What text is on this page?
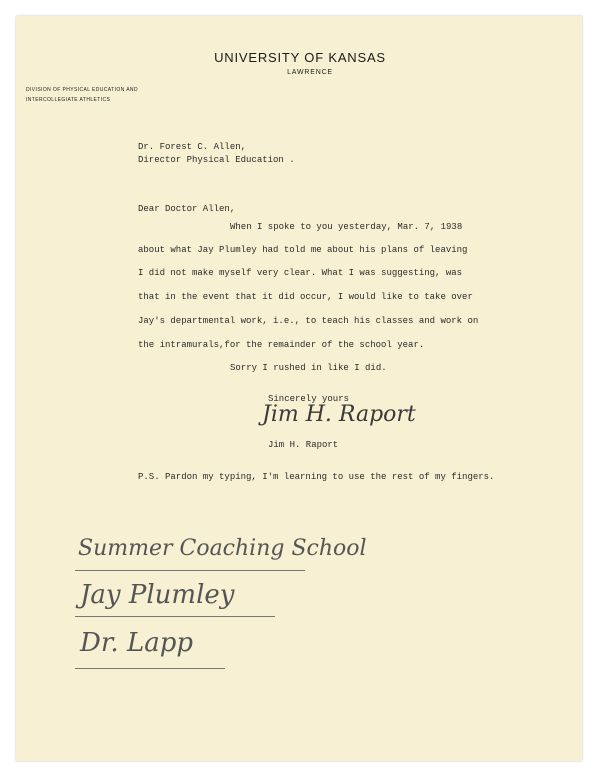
UNIVERSITY OF KANSAS
LAWRENCE
DIVISION OF PHYSICAL EDUCATION AND
INTERCOLLEGIATE ATHLETICS
Dr. Forest C. Allen,
Director Physical Education .
Dear Doctor Allen,
When I spoke to you yesterday, Mar. 7, 1938
about what Jay Plumley had told me about his plans of leaving
I did not make myself very clear. What I was suggesting, was
that in the event that it did occur, I would like to take over
Jay's departmental work, i.e., to teach his classes and work on
the intramurals,for the remainder of the school year.
Sorry I rushed in like I did.
Sincerely yours
Jim H. Raport
Jim H. Raport
P.S. Pardon my typing, I'm learning to use the rest of my fingers.
Summer Coaching School
Jay Plumley
Dr. Lapp
